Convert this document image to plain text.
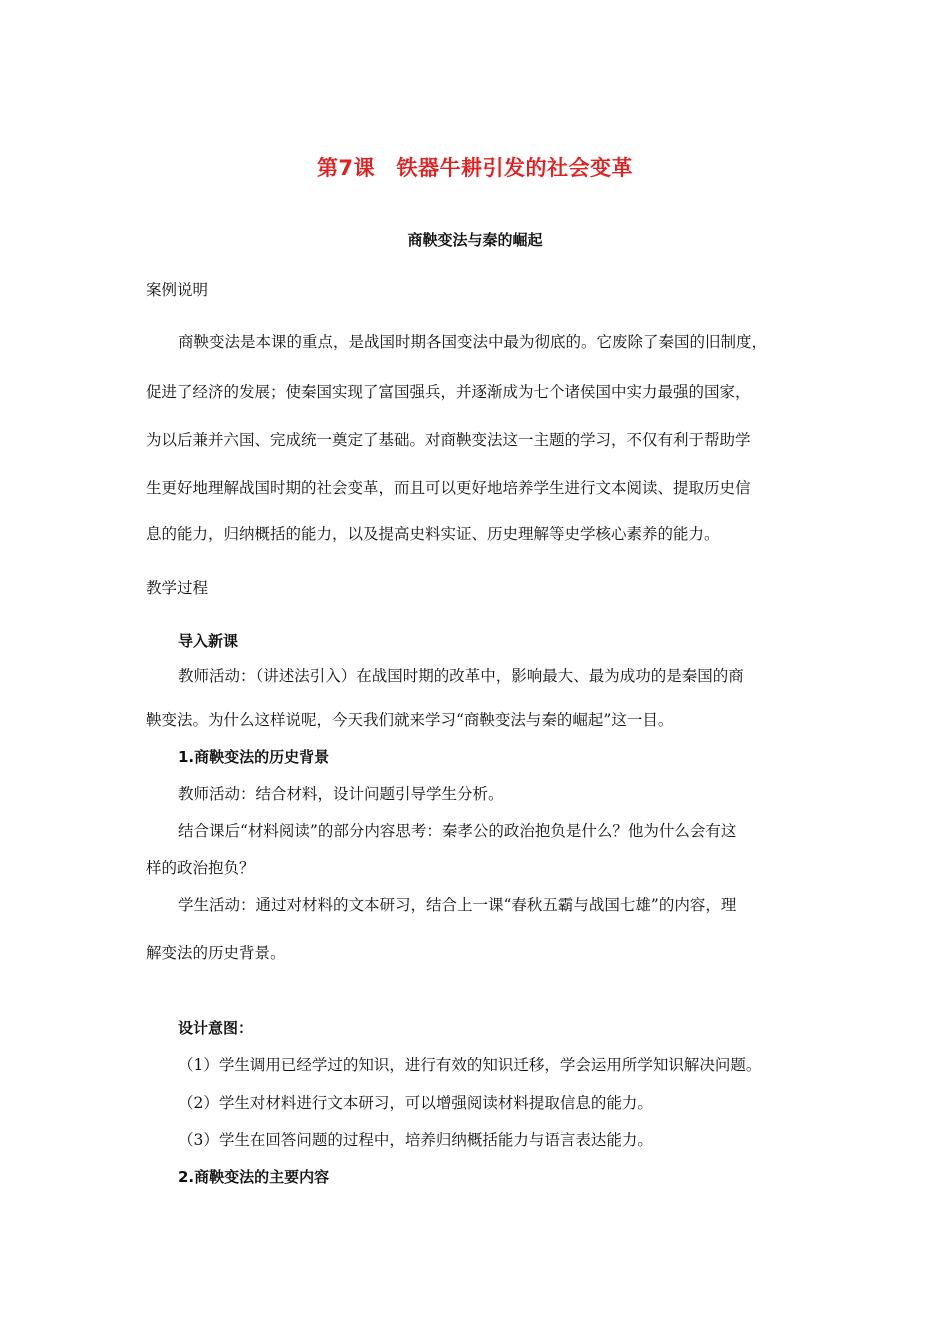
第7课　铁器牛耕引发的社会变革
商鞅变法与秦的崛起
案例说明
商鞅变法是本课的重点，是战国时期各国变法中最为彻底的。它废除了秦国的旧制度，
促进了经济的发展；使秦国实现了富国强兵，并逐渐成为七个诸侯国中实力最强的国家，
为以后兼并六国、完成统一奠定了基础。对商鞅变法这一主题的学习，不仅有利于帮助学
生更好地理解战国时期的社会变革，而且可以更好地培养学生进行文本阅读、提取历史信
息的能力，归纳概括的能力，以及提高史料实证、历史理解等史学核心素养的能力。
教学过程
导入新课
教师活动：（讲述法引入）在战国时期的改革中，影响最大、最为成功的是秦国的商
鞅变法。为什么这样说呢，今天我们就来学习“商鞅变法与秦的崛起”这一目。
1.商鞅变法的历史背景
教师活动：结合材料，设计问题引导学生分析。
结合课后“材料阅读”的部分内容思考：秦孝公的政治抱负是什么？他为什么会有这
样的政治抱负？
学生活动：通过对材料的文本研习，结合上一课“春秋五霸与战国七雄”的内容，理
解变法的历史背景。
设计意图：
（1）学生调用已经学过的知识，进行有效的知识迁移，学会运用所学知识解决问题。
（2）学生对材料进行文本研习，可以增强阅读材料提取信息的能力。
（3）学生在回答问题的过程中，培养归纳概括能力与语言表达能力。
2.商鞅变法的主要内容
